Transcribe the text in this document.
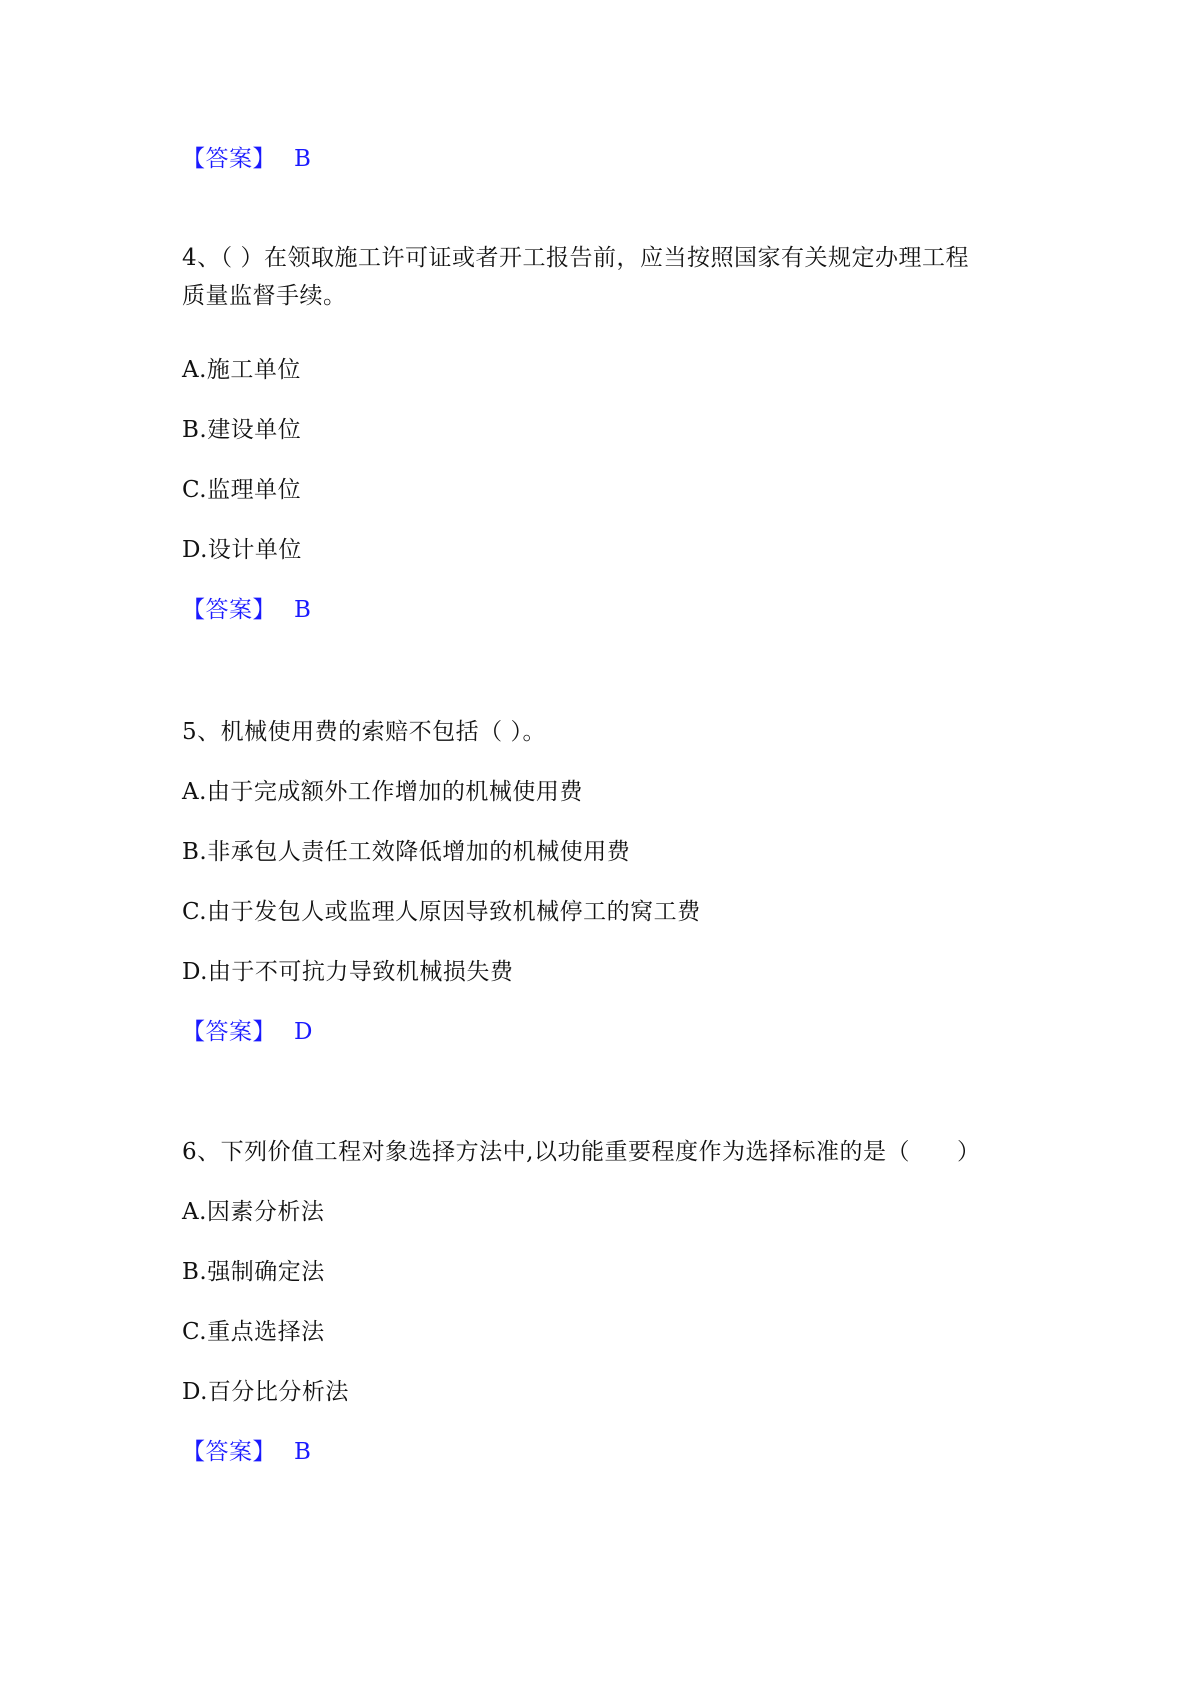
【答案】 B
4、（ ）在领取施工许可证或者开工报告前，应当按照国家有关规定办理工程
质量监督手续。
A.施工单位
B.建设单位
C.监理单位
D.设计单位
【答案】 B
5、机械使用费的索赔不包括（ ）。
A.由于完成额外工作增加的机械使用费
B.非承包人责任工效降低增加的机械使用费
C.由于发包人或监理人原因导致机械停工的窝工费
D.由于不可抗力导致机械损失费
【答案】 D
6、下列价值工程对象选择方法中,以功能重要程度作为选择标准的是（　　）
A.因素分析法
B.强制确定法
C.重点选择法
D.百分比分析法
【答案】 B
